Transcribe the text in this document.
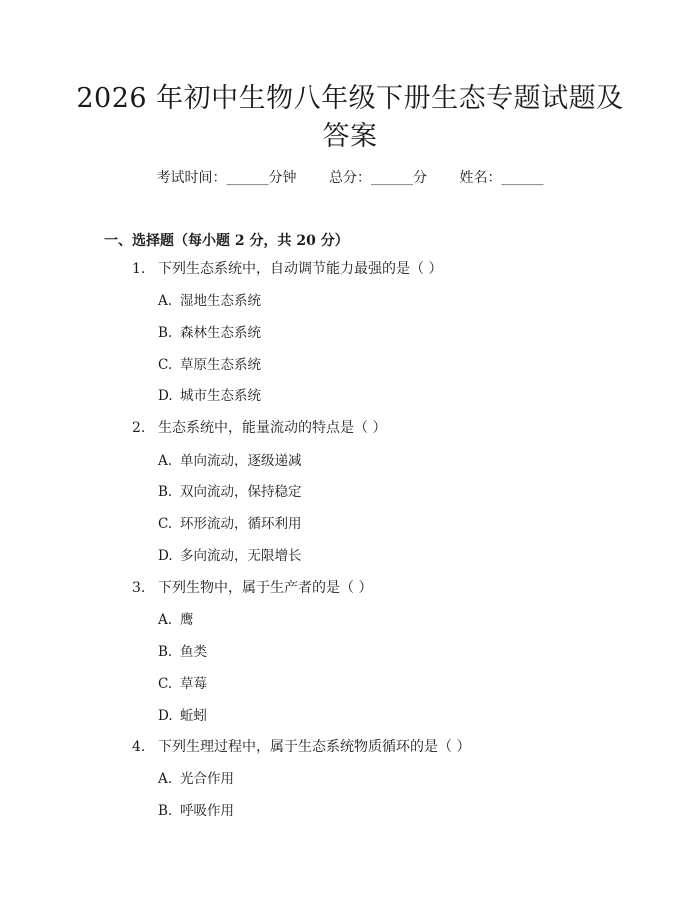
2026 年初中生物八年级下册生态专题试题及
答案
考试时间：______分钟 总分：______分 姓名：______
一、选择题（每小题 2 分，共 20 分）
1. 下列生态系统中，自动调节能力最强的是（ ）
A. 湿地生态系统
B. 森林生态系统
C. 草原生态系统
D. 城市生态系统
2. 生态系统中，能量流动的特点是（ ）
A. 单向流动，逐级递减
B. 双向流动，保持稳定
C. 环形流动，循环利用
D. 多向流动，无限增长
3. 下列生物中，属于生产者的是（ ）
A. 鹰
B. 鱼类
C. 草莓
D. 蚯蚓
4. 下列生理过程中，属于生态系统物质循环的是（ ）
A. 光合作用
B. 呼吸作用
